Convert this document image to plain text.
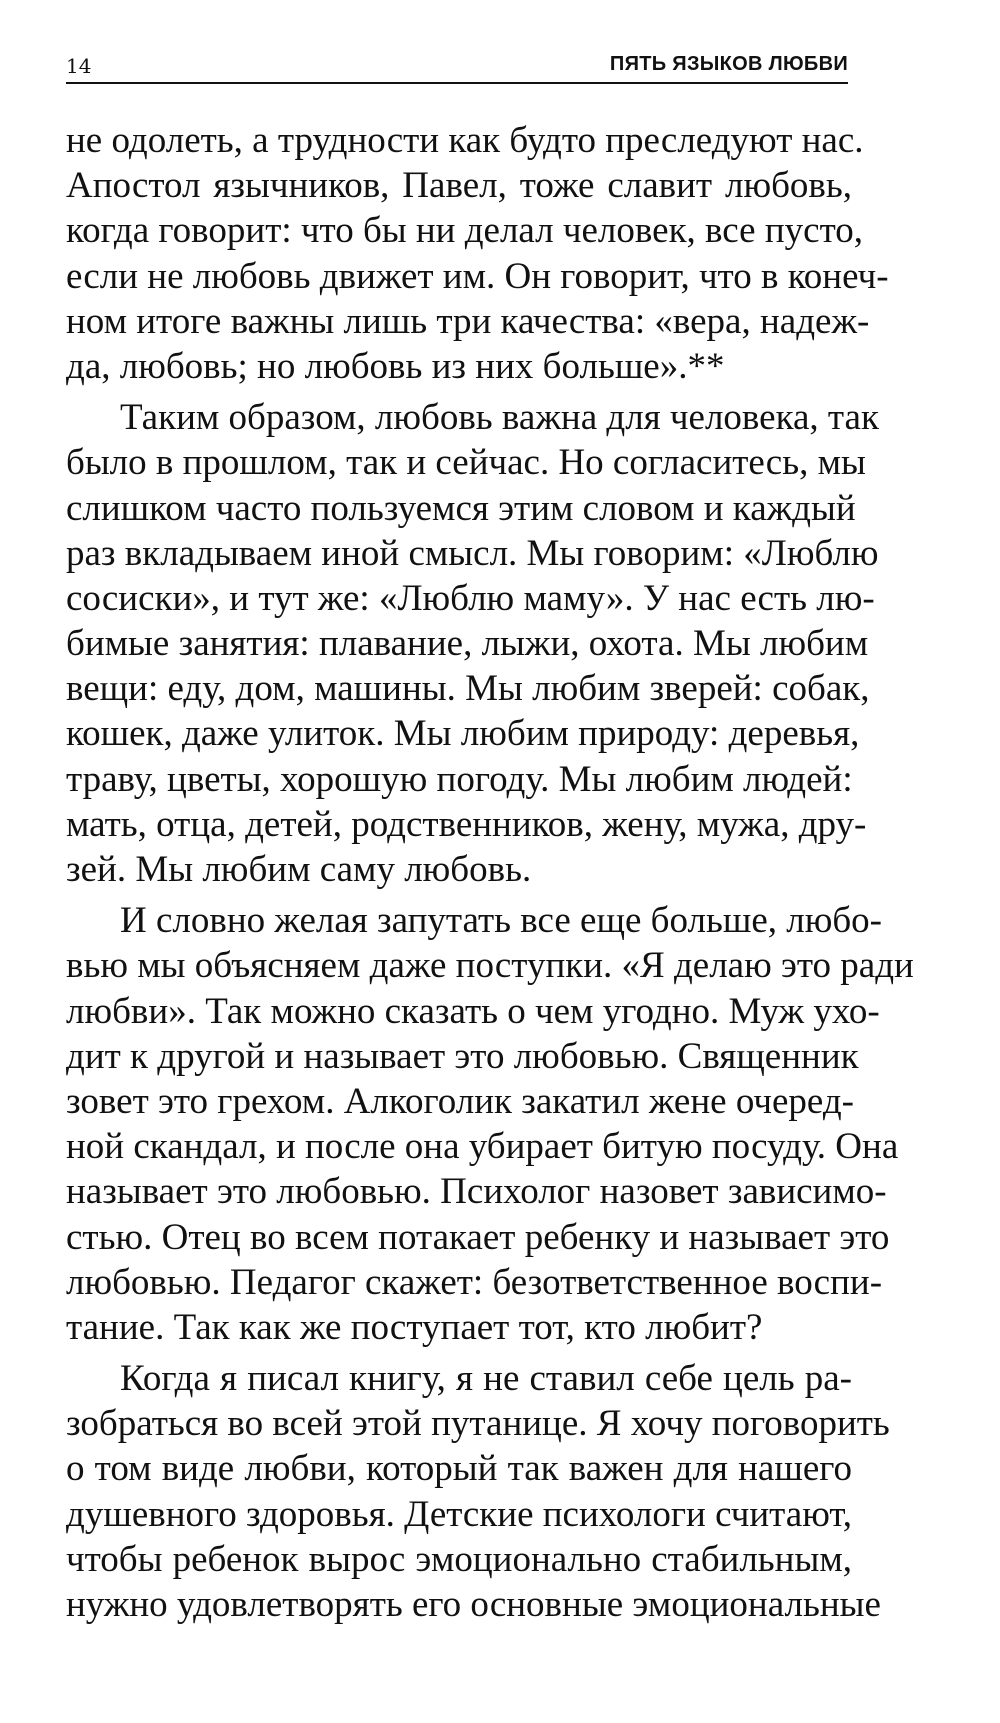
14	ПЯТЬ ЯЗЫКОВ ЛЮБВИ

не одолеть, а трудности как будто преследуют нас.
Апостол язычников, Павел, тоже славит любовь,
когда говорит: что бы ни делал человек, все пусто,
если не любовь движет им. Он говорит, что в конеч-
ном итоге важны лишь три качества: «вера, надеж-
да, любовь; но любовь из них больше».**

Таким образом, любовь важна для человека, так
было в прошлом, так и сейчас. Но согласитесь, мы
слишком часто пользуемся этим словом и каждый
раз вкладываем иной смысл. Мы говорим: «Люблю
сосиски», и тут же: «Люблю маму». У нас есть лю-
бимые занятия: плавание, лыжи, охота. Мы любим
вещи: еду, дом, машины. Мы любим зверей: собак,
кошек, даже улиток. Мы любим природу: деревья,
траву, цветы, хорошую погоду. Мы любим людей:
мать, отца, детей, родственников, жену, мужа, дру-
зей. Мы любим саму любовь.

И словно желая запутать все еще больше, любо-
вью мы объясняем даже поступки. «Я делаю это ради
любви». Так можно сказать о чем угодно. Муж ухо-
дит к другой и называет это любовью. Священник
зовет это грехом. Алкоголик закатил жене очеред-
ной скандал, и после она убирает битую посуду. Она
называет это любовью. Психолог назовет зависимо-
стью. Отец во всем потакает ребенку и называет это
любовью. Педагог скажет: безответственное воспи-
тание. Так как же поступает тот, кто любит?

Когда я писал книгу, я не ставил себе цель ра-
зобраться во всей этой путанице. Я хочу поговорить
о том виде любви, который так важен для нашего
душевного здоровья. Детские психологи считают,
чтобы ребенок вырос эмоционально стабильным,
нужно удовлетворять его основные эмоциональные
